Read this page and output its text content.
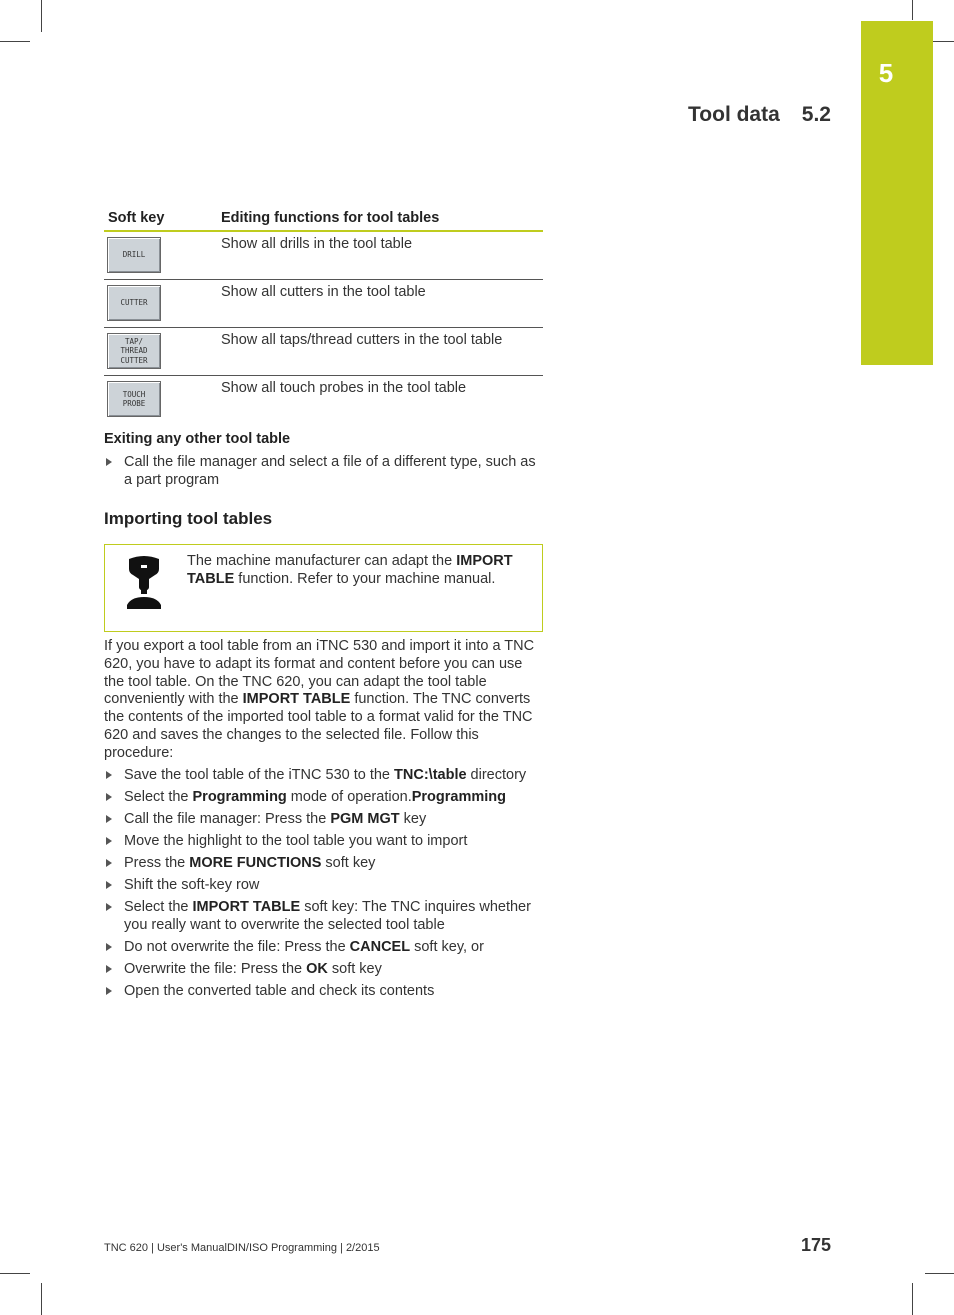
5
Tool data 5.2
Soft key	Editing functions for tool tables

DRILL	Show all drills in the tool table

CUTTER	Show all cutters in the tool table

TAP/
THREAD
CUTTER	Show all taps/thread cutters in the tool table

TOUCH
PROBE	Show all touch probes in the tool table
Exiting any other tool table
Call the file manager and select a file of a different type, such as a part program
Importing tool tables
The machine manufacturer can adapt the IMPORT TABLE function. Refer to your machine manual.
If you export a tool table from an iTNC 530 and import it into a TNC 620, you have to adapt its format and content before you can use the tool table. On the TNC 620, you can adapt the tool table conveniently with the IMPORT TABLE function. The TNC converts the contents of the imported tool table to a format valid for the TNC 620 and saves the changes to the selected file. Follow this procedure:
Save the tool table of the iTNC 530 to the TNC:\table directory
Select the Programming mode of operation.Programming
Call the file manager: Press the PGM MGT key
Move the highlight to the tool table you want to import
Press the MORE FUNCTIONS soft key
Shift the soft-key row
Select the IMPORT TABLE soft key: The TNC inquires whether you really want to overwrite the selected tool table
Do not overwrite the file: Press the CANCEL soft key, or
Overwrite the file: Press the OK soft key
Open the converted table and check its contents
TNC 620 | User's ManualDIN/ISO Programming | 2/2015	175
